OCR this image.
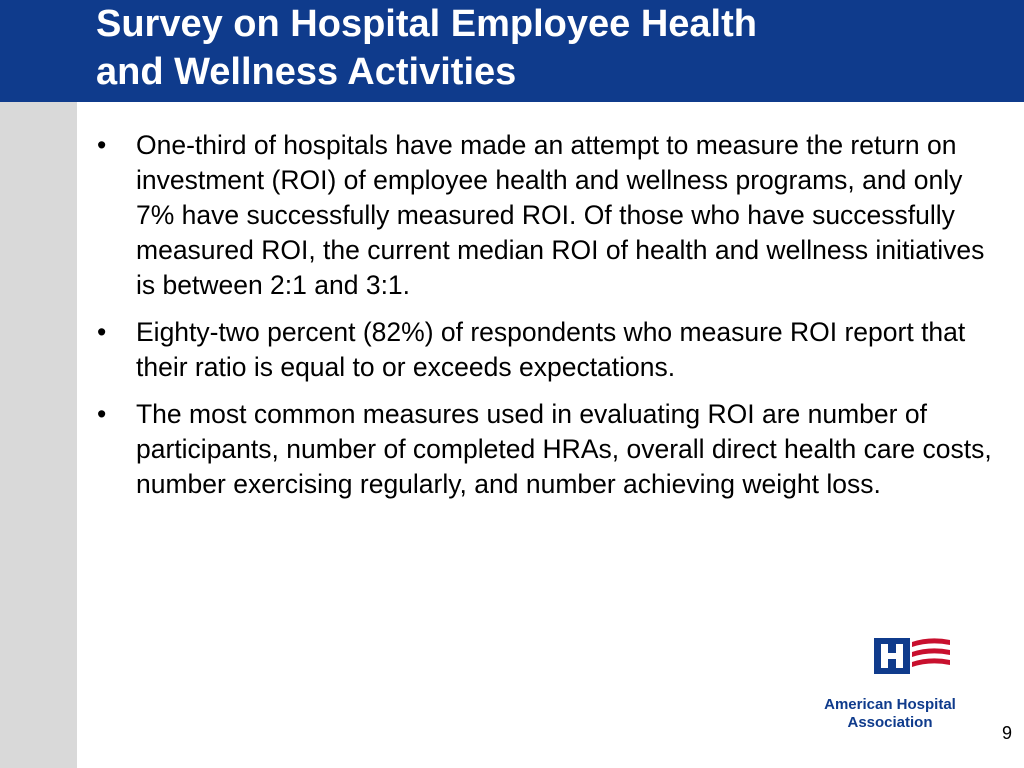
Survey on Hospital Employee Health
and Wellness Activities
• One-third of hospitals have made an attempt to measure the return on investment (ROI) of employee health and wellness programs, and only 7% have successfully measured ROI. Of those who have successfully measured ROI, the current median ROI of health and wellness initiatives is between 2:1 and 3:1.
• Eighty-two percent (82%) of respondents who measure ROI report that their ratio is equal to or exceeds expectations.
• The most common measures used in evaluating ROI are number of participants, number of completed HRAs, overall direct health care costs, number exercising regularly, and number achieving weight loss.
American Hospital
Association
9
